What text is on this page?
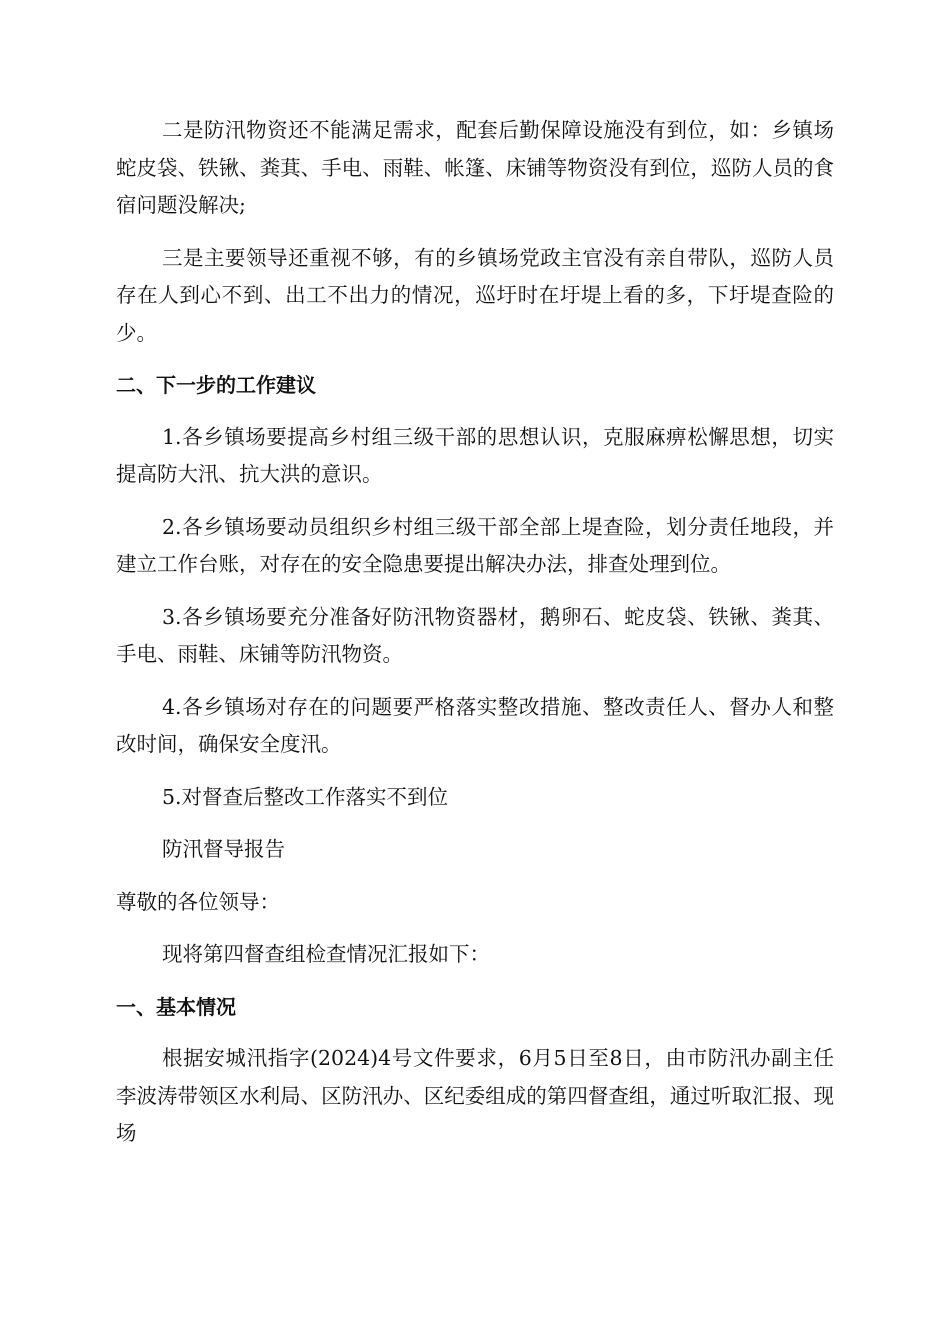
二是防汛物资还不能满足需求，配套后勤保障设施没有到位，如：乡镇场蛇皮袋、铁锹、粪萁、手电、雨鞋、帐篷、床铺等物资没有到位，巡防人员的食宿问题没解决;

三是主要领导还重视不够，有的乡镇场党政主官没有亲自带队，巡防人员存在人到心不到、出工不出力的情况，巡圩时在圩堤上看的多，下圩堤查险的少。

二、下一步的工作建议

1.各乡镇场要提高乡村组三级干部的思想认识，克服麻痹松懈思想，切实提高防大汛、抗大洪的意识。

2.各乡镇场要动员组织乡村组三级干部全部上堤查险，划分责任地段，并建立工作台账，对存在的安全隐患要提出解决办法，排查处理到位。

3.各乡镇场要充分准备好防汛物资器材，鹅卵石、蛇皮袋、铁锹、粪萁、手电、雨鞋、床铺等防汛物资。

4.各乡镇场对存在的问题要严格落实整改措施、整改责任人、督办人和整改时间，确保安全度汛。

5.对督查后整改工作落实不到位

防汛督导报告

尊敬的各位领导：

现将第四督查组检查情况汇报如下：

一、基本情况

根据安城汛指字(2024)4号文件要求，6月5日至8日，由市防汛办副主任李波涛带领区水利局、区防汛办、区纪委组成的第四督查组，通过听取汇报、现场
